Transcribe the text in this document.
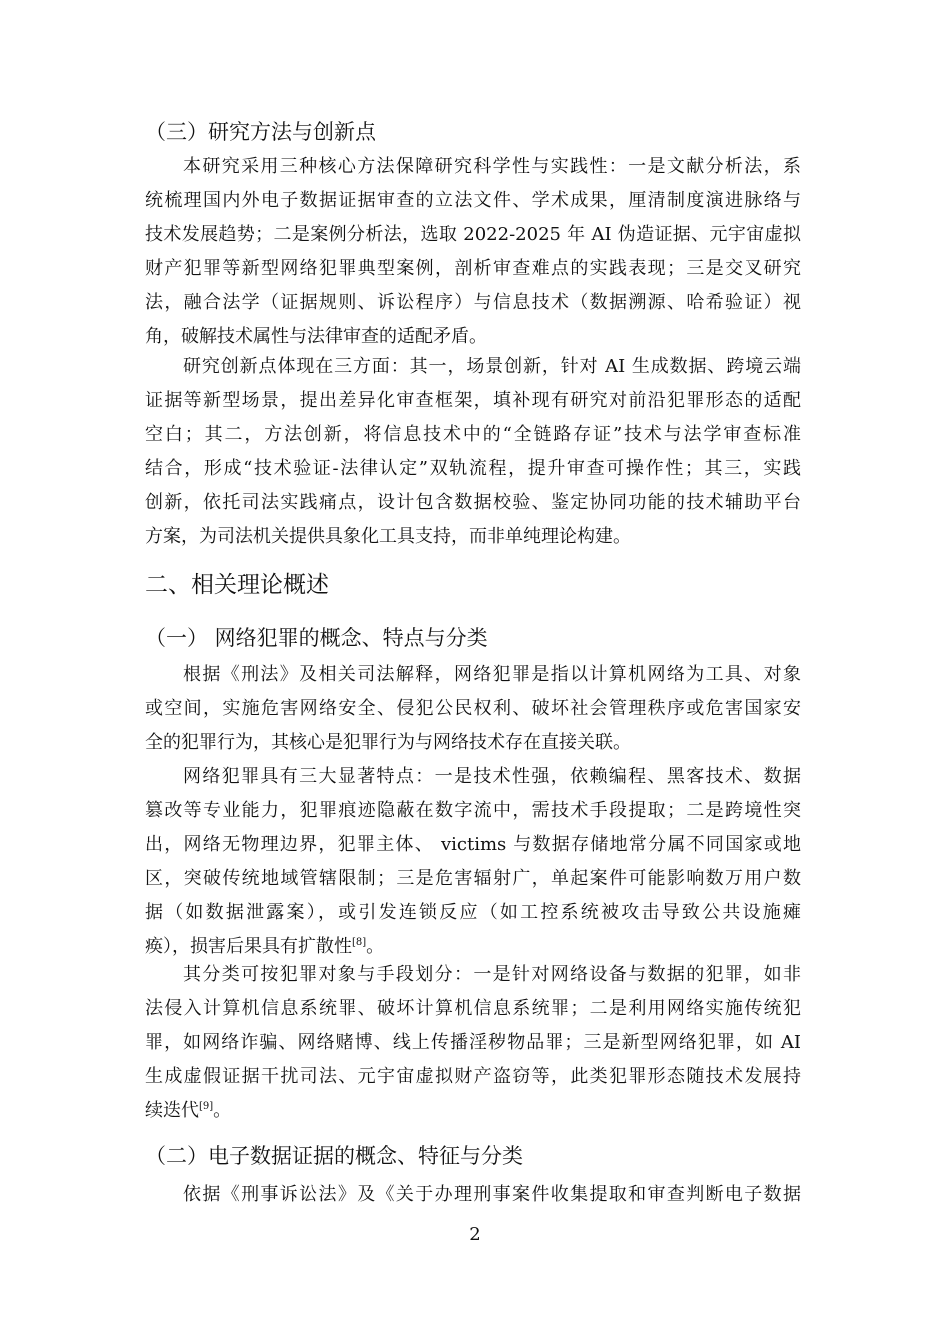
（三）研究方法与创新点

本研究采用三种核心方法保障研究科学性与实践性：一是文献分析法，系
统梳理国内外电子数据证据审查的立法文件、学术成果，厘清制度演进脉络与
技术发展趋势；二是案例分析法，选取 2022-2025 年 AI 伪造证据、元宇宙虚拟
财产犯罪等新型网络犯罪典型案例，剖析审查难点的实践表现；三是交叉研究
法，融合法学（证据规则、诉讼程序）与信息技术（数据溯源、哈希验证）视
角，破解技术属性与法律审查的适配矛盾。

研究创新点体现在三方面：其一，场景创新，针对 AI 生成数据、跨境云端
证据等新型场景，提出差异化审查框架，填补现有研究对前沿犯罪形态的适配
空白；其二，方法创新，将信息技术中的“全链路存证”技术与法学审查标准
结合，形成“技术验证-法律认定”双轨流程，提升审查可操作性；其三，实践
创新，依托司法实践痛点，设计包含数据校验、鉴定协同功能的技术辅助平台
方案，为司法机关提供具象化工具支持，而非单纯理论构建。

二、相关理论概述
（一） 网络犯罪的概念、特点与分类

根据《刑法》及相关司法解释，网络犯罪是指以计算机网络为工具、对象
或空间，实施危害网络安全、侵犯公民权利、破坏社会管理秩序或危害国家安
全的犯罪行为，其核心是犯罪行为与网络技术存在直接关联。

网络犯罪具有三大显著特点：一是技术性强，依赖编程、黑客技术、数据
篡改等专业能力，犯罪痕迹隐蔽在数字流中，需技术手段提取；二是跨境性突
出，网络无物理边界，犯罪主体、 victims 与数据存储地常分属不同国家或地
区，突破传统地域管辖限制；三是危害辐射广，单起案件可能影响数万用户数
据（如数据泄露案），或引发连锁反应（如工控系统被攻击导致公共设施瘫
痪），损害后果具有扩散性[8]。

其分类可按犯罪对象与手段划分：一是针对网络设备与数据的犯罪，如非
法侵入计算机信息系统罪、破坏计算机信息系统罪；二是利用网络实施传统犯
罪，如网络诈骗、网络赌博、线上传播淫秽物品罪；三是新型网络犯罪，如 AI
生成虚假证据干扰司法、元宇宙虚拟财产盗窃等，此类犯罪形态随技术发展持
续迭代[9]。

（二）电子数据证据的概念、特征与分类

依据《刑事诉讼法》及《关于办理刑事案件收集提取和审查判断电子数据

2
